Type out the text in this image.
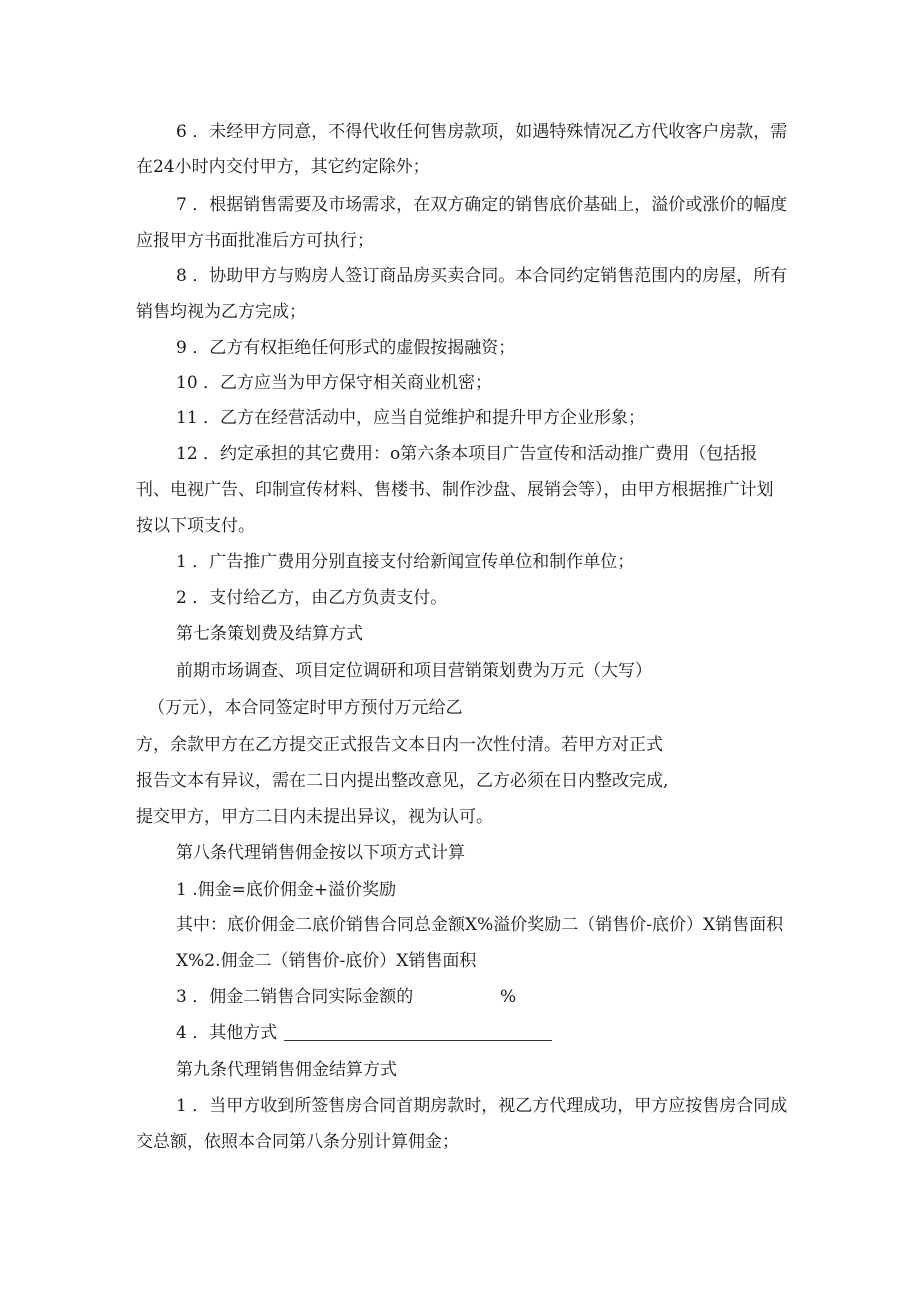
6 ．未经甲方同意，不得代收任何售房款项，如遇特殊情况乙方代收客户房款，需
在24小时内交付甲方，其它约定除外；
7 ．根据销售需要及市场需求，在双方确定的销售底价基础上，溢价或涨价的幅度
应报甲方书面批准后方可执行；
8 ．协助甲方与购房人签订商品房买卖合同。本合同约定销售范围内的房屋，所有
销售均视为乙方完成；
9 ．乙方有权拒绝任何形式的虚假按揭融资；
10 ．乙方应当为甲方保守相关商业机密；
11 ．乙方在经营活动中，应当自觉维护和提升甲方企业形象；
12 ．约定承担的其它费用：o第六条本项目广告宣传和活动推广费用（包括报
刊、电视广告、印制宣传材料、售楼书、制作沙盘、展销会等），由甲方根据推广计划
按以下项支付。
1 ．广告推广费用分别直接支付给新闻宣传单位和制作单位；
2 ．支付给乙方，由乙方负责支付。
第七条策划费及结算方式
前期市场调查、项目定位调研和项目营销策划费为万元（大写）
（万元），本合同签定时甲方预付万元给乙
方，余款甲方在乙方提交正式报告文本日内一次性付清。若甲方对正式
报告文本有异议，需在二日内提出整改意见，乙方必须在日内整改完成,
提交甲方，甲方二日内未提出异议，视为认可。
第八条代理销售佣金按以下项方式计算
1 .佣金=底价佣金+溢价奖励
其中：底价佣金二底价销售合同总金额X%溢价奖励二（销售价-底价）X销售面积
X%2.佣金二（销售价-底价）X销售面积
3 ．佣金二销售合同实际金额的	%
4 ．其他方式
第九条代理销售佣金结算方式
1 ．当甲方收到所签售房合同首期房款时，视乙方代理成功，甲方应按售房合同成
交总额，依照本合同第八条分别计算佣金；
